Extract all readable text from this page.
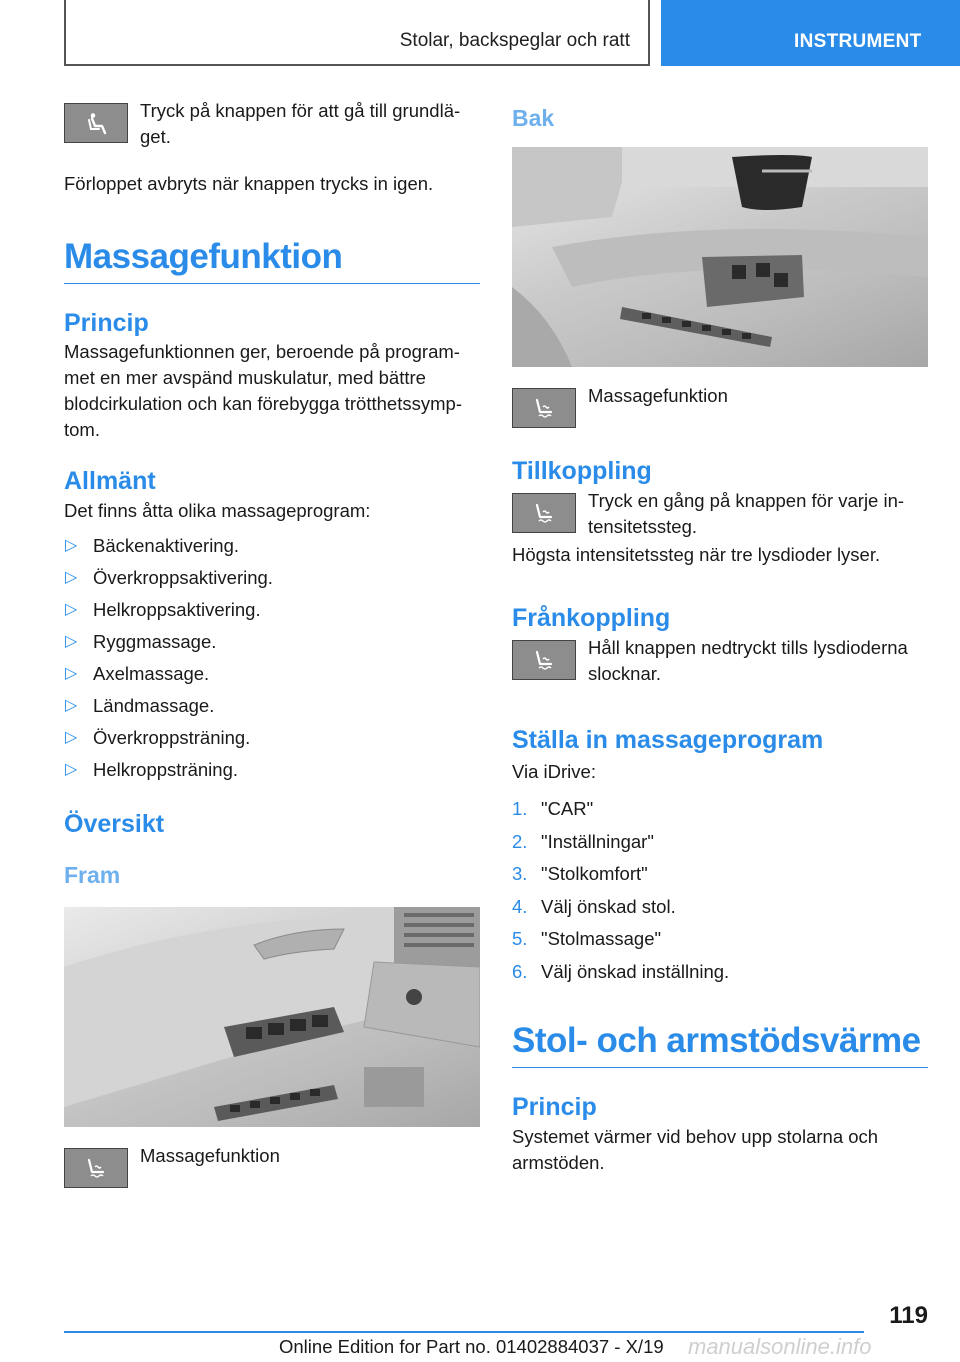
Stolar, backspeglar och ratt	INSTRUMENT
Tryck på knappen för att gå till grundläget.
Förloppet avbryts när knappen trycks in igen.
Massagefunktion
Princip
Massagefunktionnen ger, beroende på programmet en mer avspänd muskulatur, med bättre blodcirkulation och kan förebygga trötthetssymptom.
Allmänt
Det finns åtta olika massageprogram:
▷ Bäckenaktivering.
▷ Överkroppsaktivering.
▷ Helkroppsaktivering.
▷ Ryggmassage.
▷ Axelmassage.
▷ Ländmassage.
▷ Överkroppsträning.
▷ Helkroppsträning.
Översikt
Fram
Massagefunktion
Bak
Massagefunktion
Tillkoppling
Tryck en gång på knappen för varje intensitetssteg.
Högsta intensitetssteg när tre lysdioder lyser.
Frånkoppling
Håll knappen nedtryckt tills lysdioderna slocknar.
Ställa in massageprogram
Via iDrive:
1. "CAR"
2. "Inställningar"
3. "Stolkomfort"
4. Välj önskad stol.
5. "Stolmassage"
6. Välj önskad inställning.
Stol- och armstödsvärme
Princip
Systemet värmer vid behov upp stolarna och armstöden.
119
Online Edition for Part no. 01402884037 - X/19 manualsonline.info
